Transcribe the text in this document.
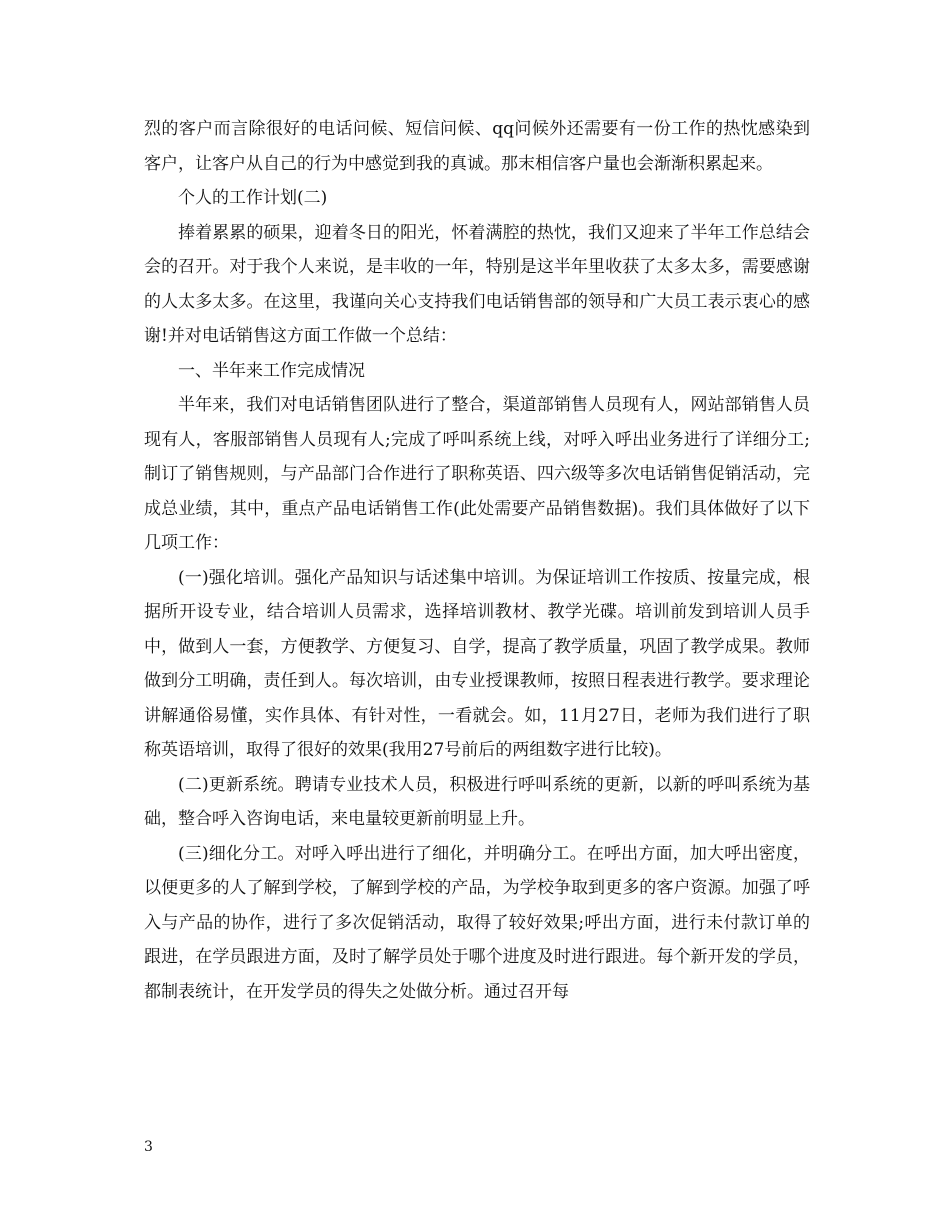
烈的客户而言除很好的电话问候、短信问候、qq问候外还需要有一份工作的热忱感染到客户，让客户从自己的行为中感觉到我的真诚。那末相信客户量也会渐渐积累起来。

个人的工作计划(二)

捧着累累的硕果，迎着冬日的阳光，怀着满腔的热忱，我们又迎来了半年工作总结会会的召开。对于我个人来说，是丰收的一年，特别是这半年里收获了太多太多，需要感谢的人太多太多。在这里，我谨向关心支持我们电话销售部的领导和广大员工表示衷心的感谢!并对电话销售这方面工作做一个总结：

一、半年来工作完成情况

半年来，我们对电话销售团队进行了整合，渠道部销售人员现有人，网站部销售人员现有人，客服部销售人员现有人;完成了呼叫系统上线，对呼入呼出业务进行了详细分工;制订了销售规则，与产品部门合作进行了职称英语、四六级等多次电话销售促销活动，完成总业绩，其中，重点产品电话销售工作(此处需要产品销售数据)。我们具体做好了以下几项工作：

(一)强化培训。强化产品知识与话述集中培训。为保证培训工作按质、按量完成，根据所开设专业，结合培训人员需求，选择培训教材、教学光碟。培训前发到培训人员手中，做到人一套，方便教学、方便复习、自学，提高了教学质量，巩固了教学成果。教师做到分工明确，责任到人。每次培训，由专业授课教师，按照日程表进行教学。要求理论讲解通俗易懂，实作具体、有针对性，一看就会。如，11月27日，老师为我们进行了职称英语培训，取得了很好的效果(我用27号前后的两组数字进行比较)。

(二)更新系统。聘请专业技术人员，积极进行呼叫系统的更新，以新的呼叫系统为基础，整合呼入咨询电话，来电量较更新前明显上升。

(三)细化分工。对呼入呼出进行了细化，并明确分工。在呼出方面，加大呼出密度，以便更多的人了解到学校，了解到学校的产品，为学校争取到更多的客户资源。加强了呼入与产品的协作，进行了多次促销活动，取得了较好效果;呼出方面，进行未付款订单的跟进，在学员跟进方面，及时了解学员处于哪个进度及时进行跟进。每个新开发的学员，都制表统计，在开发学员的得失之处做分析。通过召开每

3
